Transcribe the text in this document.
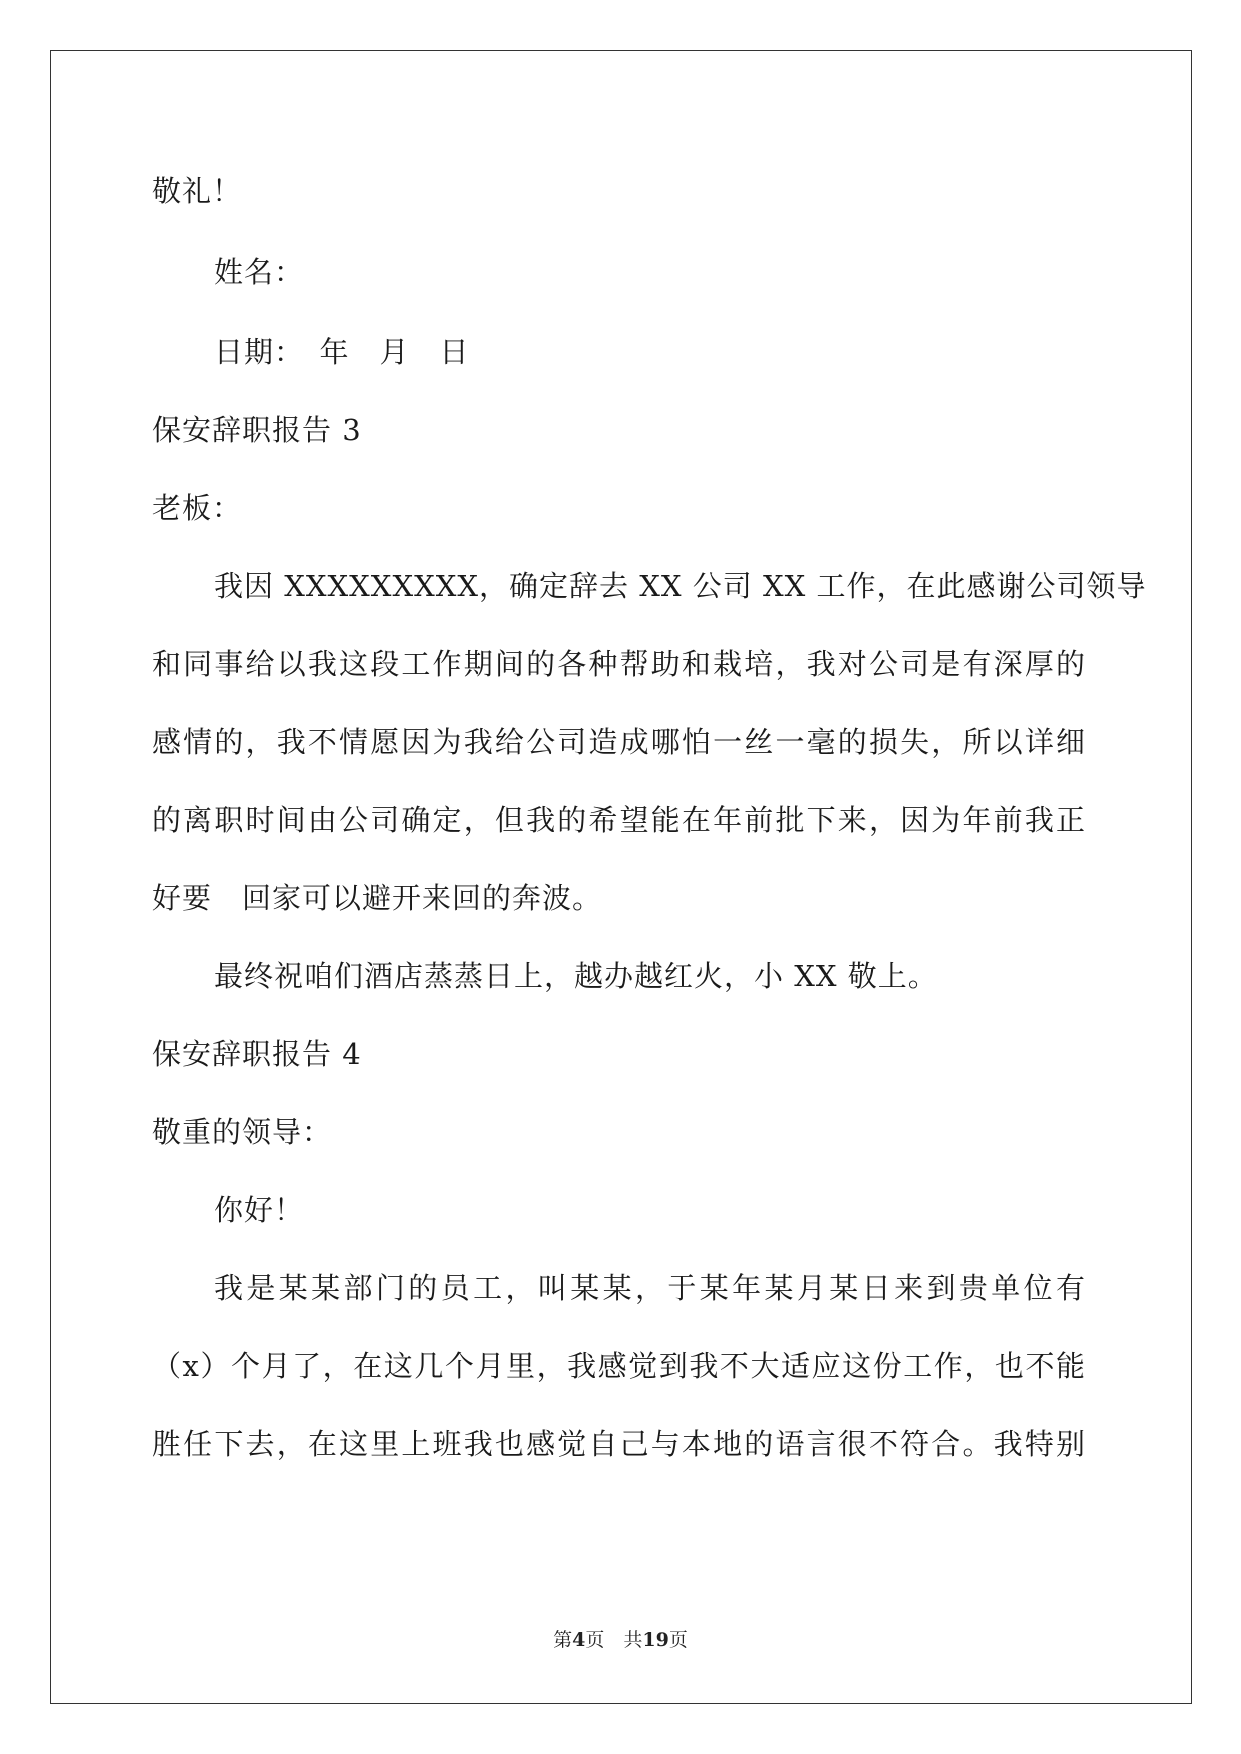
敬礼！
姓名：
日期：　年　月　日
保安辞职报告 3
老板：
我因 XXXXXXXXX，确定辞去 XX 公司 XX 工作，在此感谢公司领导
和同事给以我这段工作期间的各种帮助和栽培，我对公司是有深厚的
感情的，我不情愿因为我给公司造成哪怕一丝一毫的损失，所以详细
的离职时间由公司确定，但我的希望能在年前批下来，因为年前我正
好要　回家可以避开来回的奔波。
最终祝咱们酒店蒸蒸日上，越办越红火，小 XX 敬上。
保安辞职报告 4
敬重的领导：
你好！
我是某某部门的员工，叫某某，于某年某月某日来到贵单位有
（x）个月了，在这几个月里，我感觉到我不大适应这份工作，也不能
胜任下去，在这里上班我也感觉自己与本地的语言很不符合。我特别
第4页　共19页
